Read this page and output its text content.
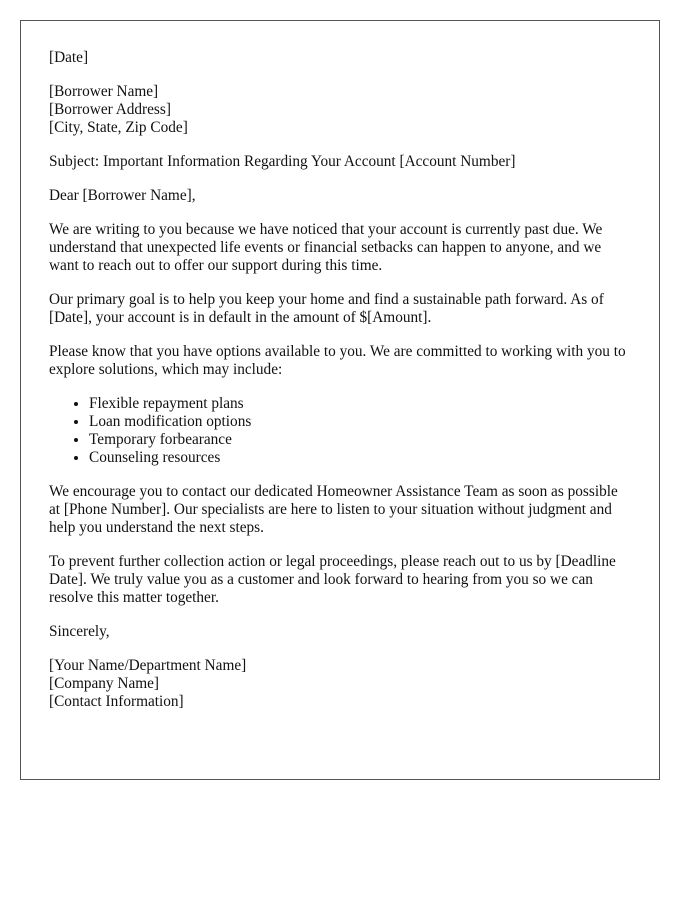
[Date]

[Borrower Name]
[Borrower Address]
[City, State, Zip Code]

Subject: Important Information Regarding Your Account [Account Number]

Dear [Borrower Name],

We are writing to you because we have noticed that your account is currently past due. We understand that unexpected life events or financial setbacks can happen to anyone, and we want to reach out to offer our support during this time.

Our primary goal is to help you keep your home and find a sustainable path forward. As of [Date], your account is in default in the amount of $[Amount].

Please know that you have options available to you. We are committed to working with you to explore solutions, which may include:

• Flexible repayment plans
• Loan modification options
• Temporary forbearance
• Counseling resources

We encourage you to contact our dedicated Homeowner Assistance Team as soon as possible at [Phone Number]. Our specialists are here to listen to your situation without judgment and help you understand the next steps.

To prevent further collection action or legal proceedings, please reach out to us by [Deadline Date]. We truly value you as a customer and look forward to hearing from you so we can resolve this matter together.

Sincerely,

[Your Name/Department Name]
[Company Name]
[Contact Information]
